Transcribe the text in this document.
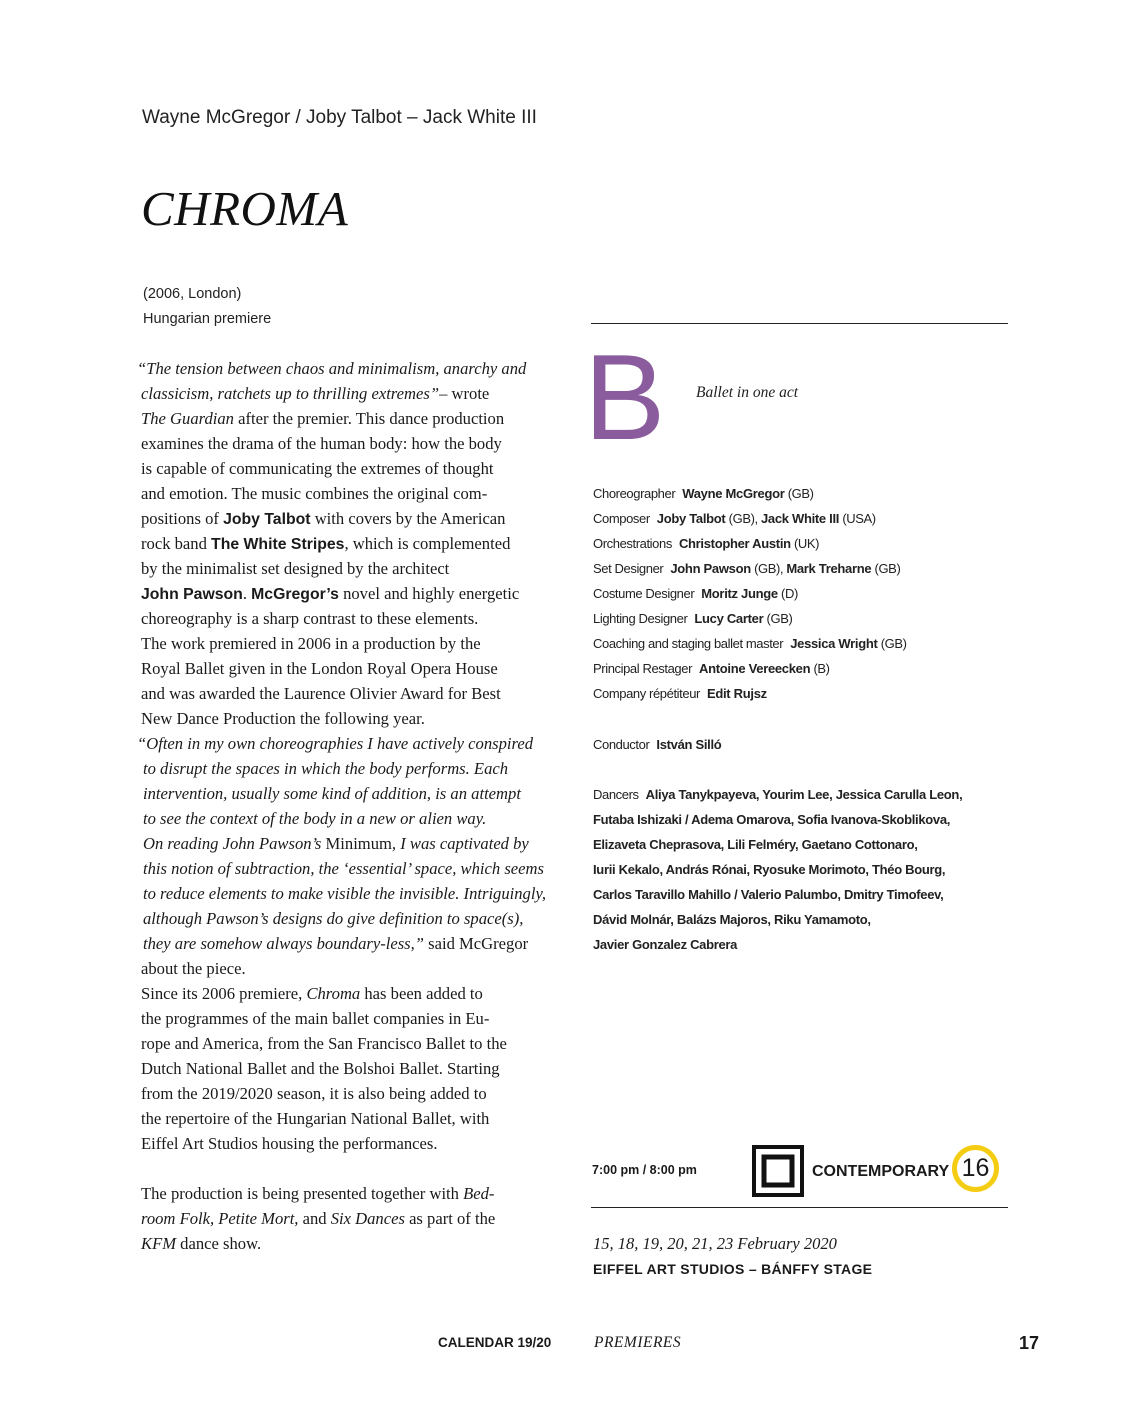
Wayne McGregor / Joby Talbot – Jack White III
CHROMA
(2006, London)
Hungarian premiere
“The tension between chaos and minimalism, anarchy and
classicism, ratchets up to thrilling extremes”– wrote
The Guardian after the premier. This dance production
examines the drama of the human body: how the body
is capable of communicating the extremes of thought
and emotion. The music combines the original com-
positions of Joby Talbot with covers by the American
rock band The White Stripes, which is complemented
by the minimalist set designed by the architect
John Pawson. McGregor’s novel and highly energetic
choreography is a sharp contrast to these elements.
The work premiered in 2006 in a production by the
Royal Ballet given in the London Royal Opera House
and was awarded the Laurence Olivier Award for Best
New Dance Production the following year.
“Often in my own choreographies I have actively conspired
to disrupt the spaces in which the body performs. Each
intervention, usually some kind of addition, is an attempt
to see the context of the body in a new or alien way.
On reading John Pawson’s Minimum, I was captivated by
this notion of subtraction, the ‘essential’ space, which seems
to reduce elements to make visible the invisible. Intriguingly,
although Pawson’s designs do give definition to space(s),
they are somehow always boundary-less,” said McGregor
about the piece.
Since its 2006 premiere, Chroma has been added to
the programmes of the main ballet companies in Eu-
rope and America, from the San Francisco Ballet to the
Dutch National Ballet and the Bolshoi Ballet. Starting
from the 2019/2020 season, it is also being added to
the repertoire of the Hungarian National Ballet, with
Eiffel Art Studios housing the performances.
The production is being presented together with Bed-
room Folk, Petite Mort, and Six Dances as part of the
KFM dance show.
B Ballet in one act
Choreographer Wayne McGregor (GB)
Composer Joby Talbot (GB), Jack White III (USA)
Orchestrations Christopher Austin (UK)
Set Designer John Pawson (GB), Mark Treharne (GB)
Costume Designer Moritz Junge (D)
Lighting Designer Lucy Carter (GB)
Coaching and staging ballet master Jessica Wright (GB)
Principal Restager Antoine Vereecken (B)
Company répétiteur Edit Rujsz
Conductor István Silló
Dancers Aliya Tanykpayeva, Yourim Lee, Jessica Carulla Leon,
Futaba Ishizaki / Adema Omarova, Sofia Ivanova-Skoblikova,
Elizaveta Cheprasova, Lili Felméry, Gaetano Cottonaro,
Iurii Kekalo, András Rónai, Ryosuke Morimoto, Théo Bourg,
Carlos Taravillo Mahillo / Valerio Palumbo, Dmitry Timofeev,
Dávid Molnár, Balázs Majoros, Riku Yamamoto,
Javier Gonzalez Cabrera
7:00 pm / 8:00 pm	CONTEMPORARY 16
15, 18, 19, 20, 21, 23 February 2020
EIFFEL ART STUDIOS – BÁNFFY STAGE
CALENDAR 19/20	PREMIERES	17
